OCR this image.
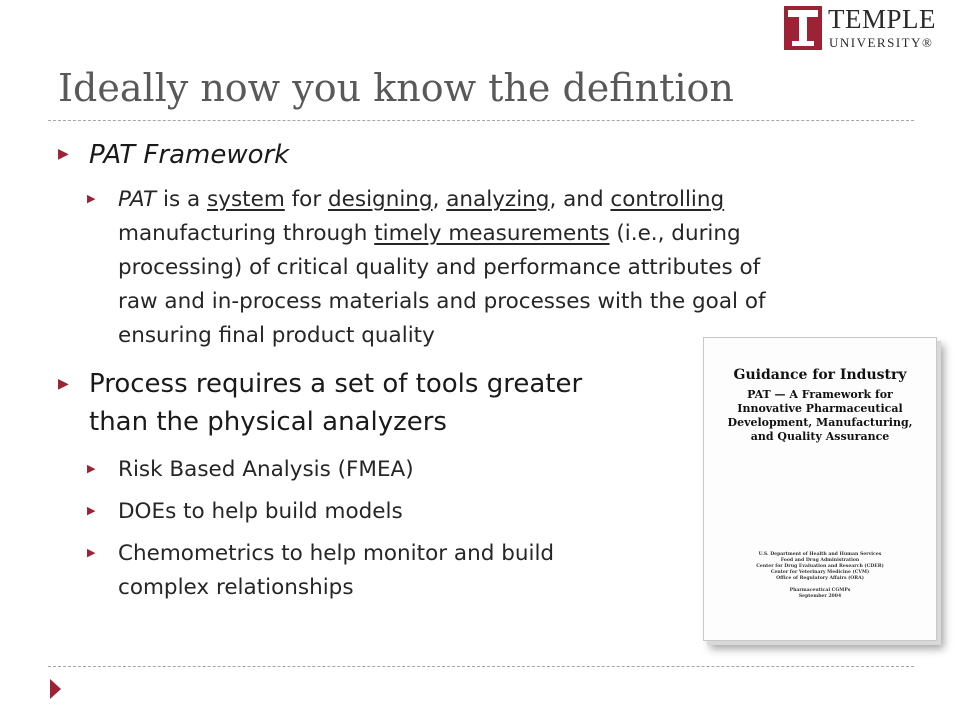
TEMPLE
UNIVERSITY®
Ideally now you know the defintion
▶ PAT Framework
▶ PAT is a system for designing, analyzing, and controlling
manufacturing through timely measurements (i.e., during
processing) of critical quality and performance attributes of
raw and in-process materials and processes with the goal of
ensuring final product quality
▶ Process requires a set of tools greater
than the physical analyzers
▶ Risk Based Analysis (FMEA)
▶ DOEs to help build models
▶ Chemometrics to help monitor and build
complex relationships
Guidance for Industry
PAT — A Framework for
Innovative Pharmaceutical
Development, Manufacturing,
and Quality Assurance
U.S. Department of Health and Human Services
Food and Drug Administration
Center for Drug Evaluation and Research (CDER)
Center for Veterinary Medicine (CVM)
Office of Regulatory Affairs (ORA)
Pharmaceutical CGMPs
September 2004
